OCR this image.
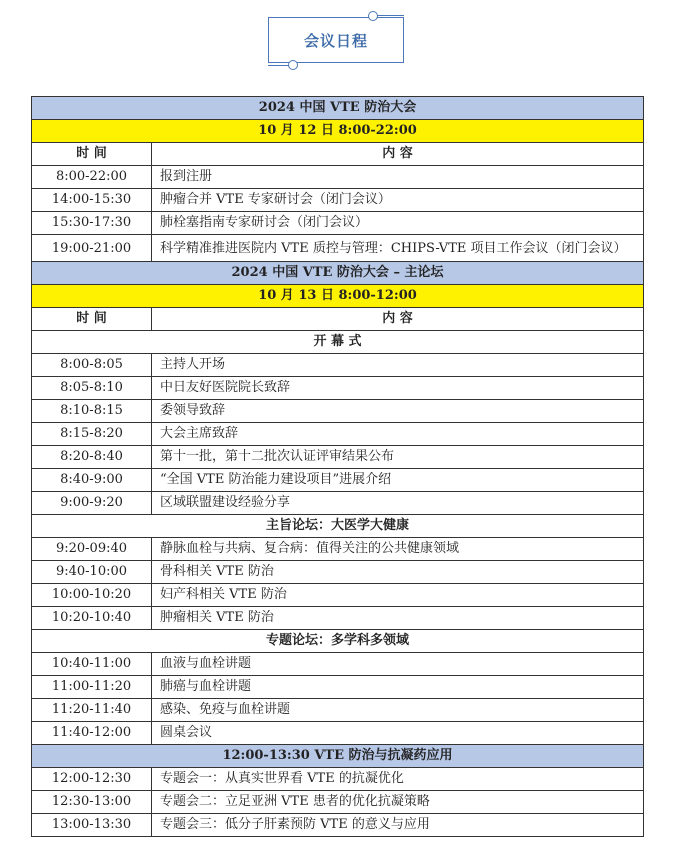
会议日程
2024 中国 VTE 防治大会	
10 月 12 日 8:00-22:00	
时 间	内 容
8:00-22:00	报到注册
14:00-15:30	肿瘤合并 VTE 专家研讨会（闭门会议）
15:30-17:30	肺栓塞指南专家研讨会（闭门会议）
19:00-21:00	科学精准推进医院内 VTE 质控与管理：CHIPS-VTE 项目工作会议（闭门会议）
2024 中国 VTE 防治大会 – 主论坛	
10 月 13 日 8:00-12:00	
时 间	内 容
开 幕 式	
8:00-8:05	主持人开场
8:05-8:10	中日友好医院院长致辞
8:10-8:15	委领导致辞
8:15-8:20	大会主席致辞
8:20-8:40	第十一批，第十二批次认证评审结果公布
8:40-9:00	“全国 VTE 防治能力建设项目”进展介绍
9:00-9:20	区域联盟建设经验分享
主旨论坛：大医学大健康	
9:20-09:40	静脉血栓与共病、复合病：值得关注的公共健康领域
9:40-10:00	骨科相关 VTE 防治
10:00-10:20	妇产科相关 VTE 防治
10:20-10:40	肿瘤相关 VTE 防治
专题论坛：多学科多领域	
10:40-11:00	血液与血栓讲题
11:00-11:20	肺癌与血栓讲题
11:20-11:40	感染、免疫与血栓讲题
11:40-12:00	圆桌会议
12:00-13:30 VTE 防治与抗凝药应用	
12:00-12:30	专题会一：从真实世界看 VTE 的抗凝优化
12:30-13:00	专题会二：立足亚洲 VTE 患者的优化抗凝策略
13:00-13:30	专题会三：低分子肝素预防 VTE 的意义与应用
